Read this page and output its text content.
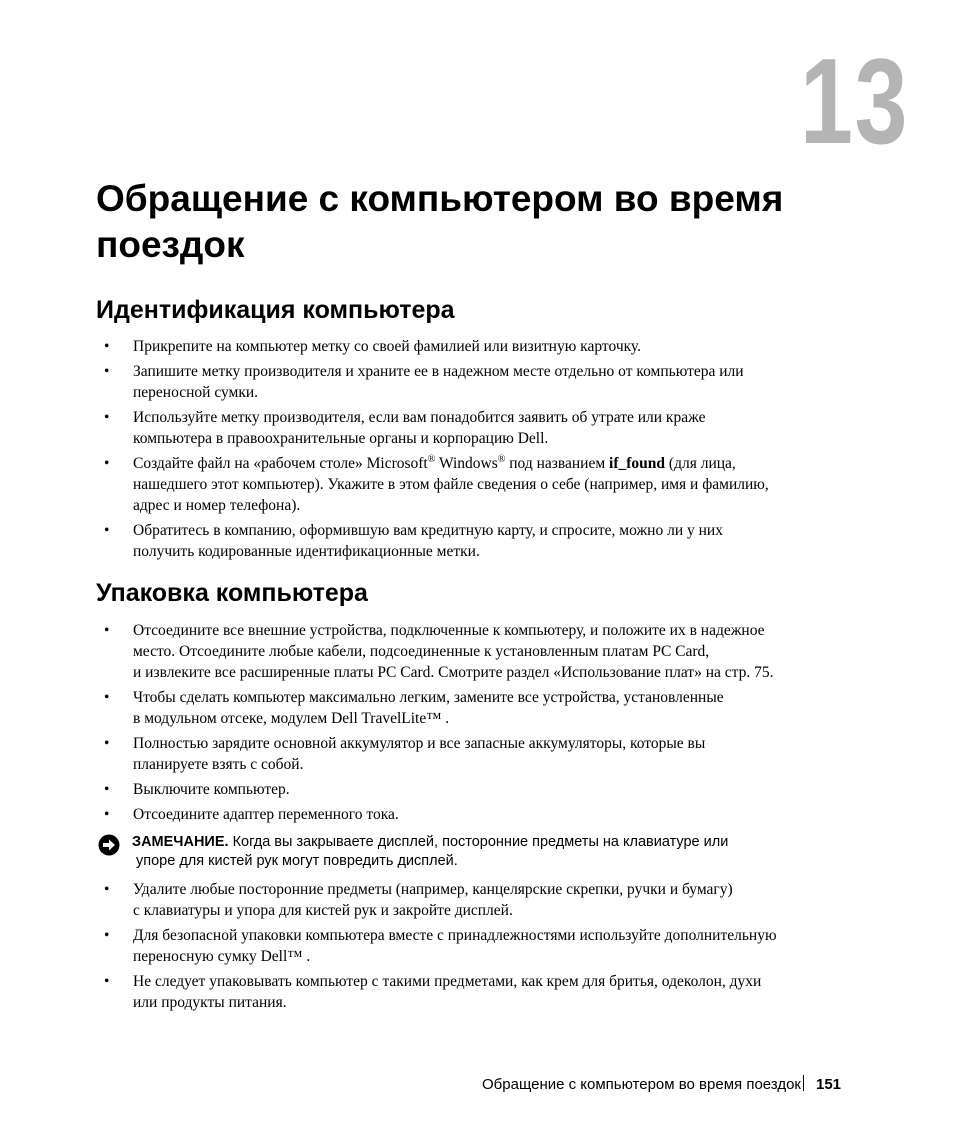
13
Обращение с компьютером во время
поездок
Идентификация компьютера
• Прикрепите на компьютер метку со своей фамилией или визитную карточку.
• Запишите метку производителя и храните ее в надежном месте отдельно от компьютера или
переносной сумки.
• Используйте метку производителя, если вам понадобится заявить об утрате или краже
компьютера в правоохранительные органы и корпорацию Dell.
• Создайте файл на «рабочем столе» Microsoft® Windows® под названием if_found (для лица,
нашедшего этот компьютер). Укажите в этом файле сведения о себе (например, имя и фамилию,
адрес и номер телефона).
• Обратитесь в компанию, оформившую вам кредитную карту, и спросите, можно ли у них
получить кодированные идентификационные метки.
Упаковка компьютера
• Отсоедините все внешние устройства, подключенные к компьютеру, и положите их в надежное
место. Отсоедините любые кабели, подсоединенные к установленным платам PC Card,
и извлеките все расширенные платы PC Card. Смотрите раздел «Использование плат» на стр. 75.
• Чтобы сделать компьютер максимально легким, замените все устройства, установленные
в модульном отсеке, модулем Dell TravelLite™ .
• Полностью зарядите основной аккумулятор и все запасные аккумуляторы, которые вы
планируете взять с собой.
• Выключите компьютер.
• Отсоедините адаптер переменного тока.
ЗАМЕЧАНИЕ. Когда вы закрываете дисплей, посторонние предметы на клавиатуре или
упоре для кистей рук могут повредить дисплей.
• Удалите любые посторонние предметы (например, канцелярские скрепки, ручки и бумагу)
с клавиатуры и упора для кистей рук и закройте дисплей.
• Для безопасной упаковки компьютера вместе с принадлежностями используйте дополнительную
переносную сумку Dell™ .
• Не следует упаковывать компьютер с такими предметами, как крем для бритья, одеколон, духи
или продукты питания.
Обращение с компьютером во время поездок 151
